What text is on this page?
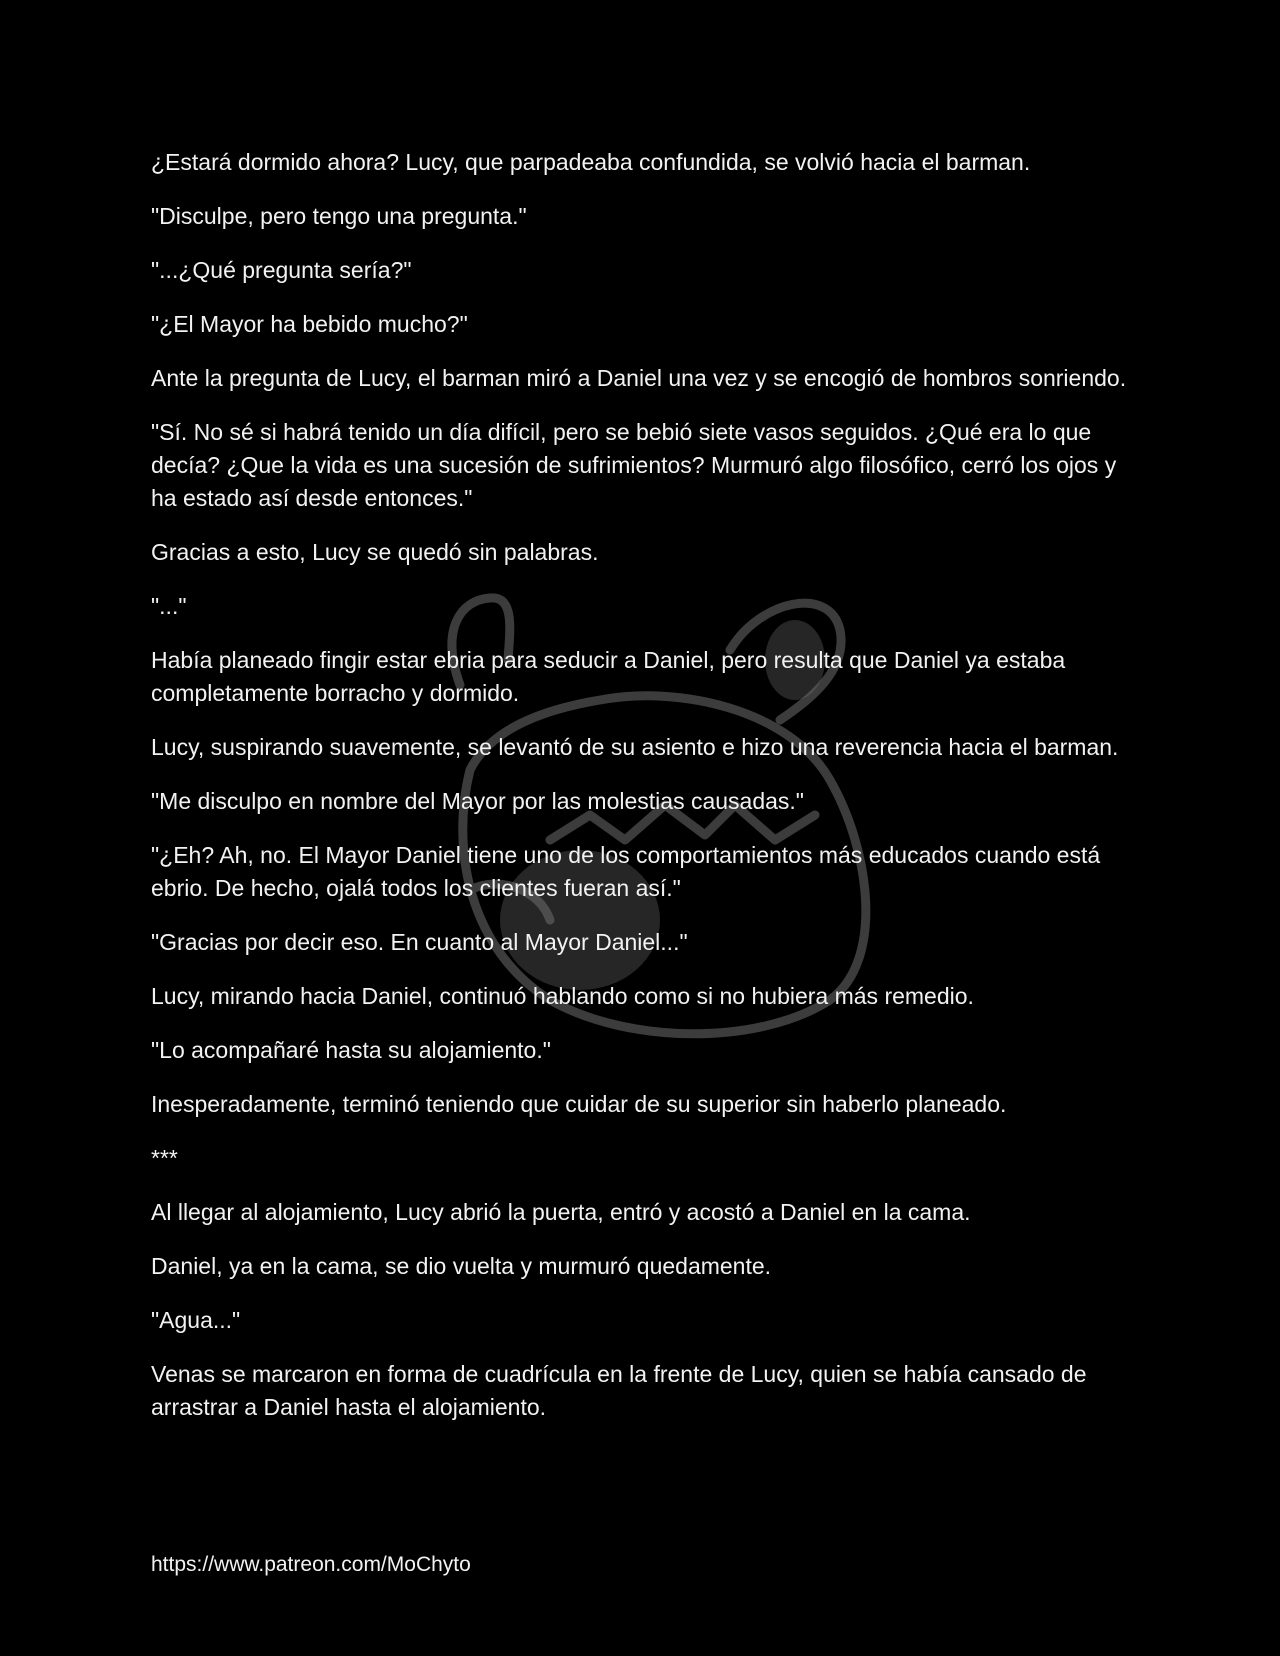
¿Estará dormido ahora? Lucy, que parpadeaba confundida, se volvió hacia el barman.

"Disculpe, pero tengo una pregunta."

"...¿Qué pregunta sería?"

"¿El Mayor ha bebido mucho?"

Ante la pregunta de Lucy, el barman miró a Daniel una vez y se encogió de hombros sonriendo.

"Sí. No sé si habrá tenido un día difícil, pero se bebió siete vasos seguidos. ¿Qué era lo que decía? ¿Que la vida es una sucesión de sufrimientos? Murmuró algo filosófico, cerró los ojos y ha estado así desde entonces."

Gracias a esto, Lucy se quedó sin palabras.

"..."

Había planeado fingir estar ebria para seducir a Daniel, pero resulta que Daniel ya estaba completamente borracho y dormido.

Lucy, suspirando suavemente, se levantó de su asiento e hizo una reverencia hacia el barman.

"Me disculpo en nombre del Mayor por las molestias causadas."

"¿Eh? Ah, no. El Mayor Daniel tiene uno de los comportamientos más educados cuando está ebrio. De hecho, ojalá todos los clientes fueran así."

"Gracias por decir eso. En cuanto al Mayor Daniel..."

Lucy, mirando hacia Daniel, continuó hablando como si no hubiera más remedio.

"Lo acompañaré hasta su alojamiento."

Inesperadamente, terminó teniendo que cuidar de su superior sin haberlo planeado.

***

Al llegar al alojamiento, Lucy abrió la puerta, entró y acostó a Daniel en la cama.

Daniel, ya en la cama, se dio vuelta y murmuró quedamente.

"Agua..."

Venas se marcaron en forma de cuadrícula en la frente de Lucy, quien se había cansado de arrastrar a Daniel hasta el alojamiento.

https://www.patreon.com/MoChyto
